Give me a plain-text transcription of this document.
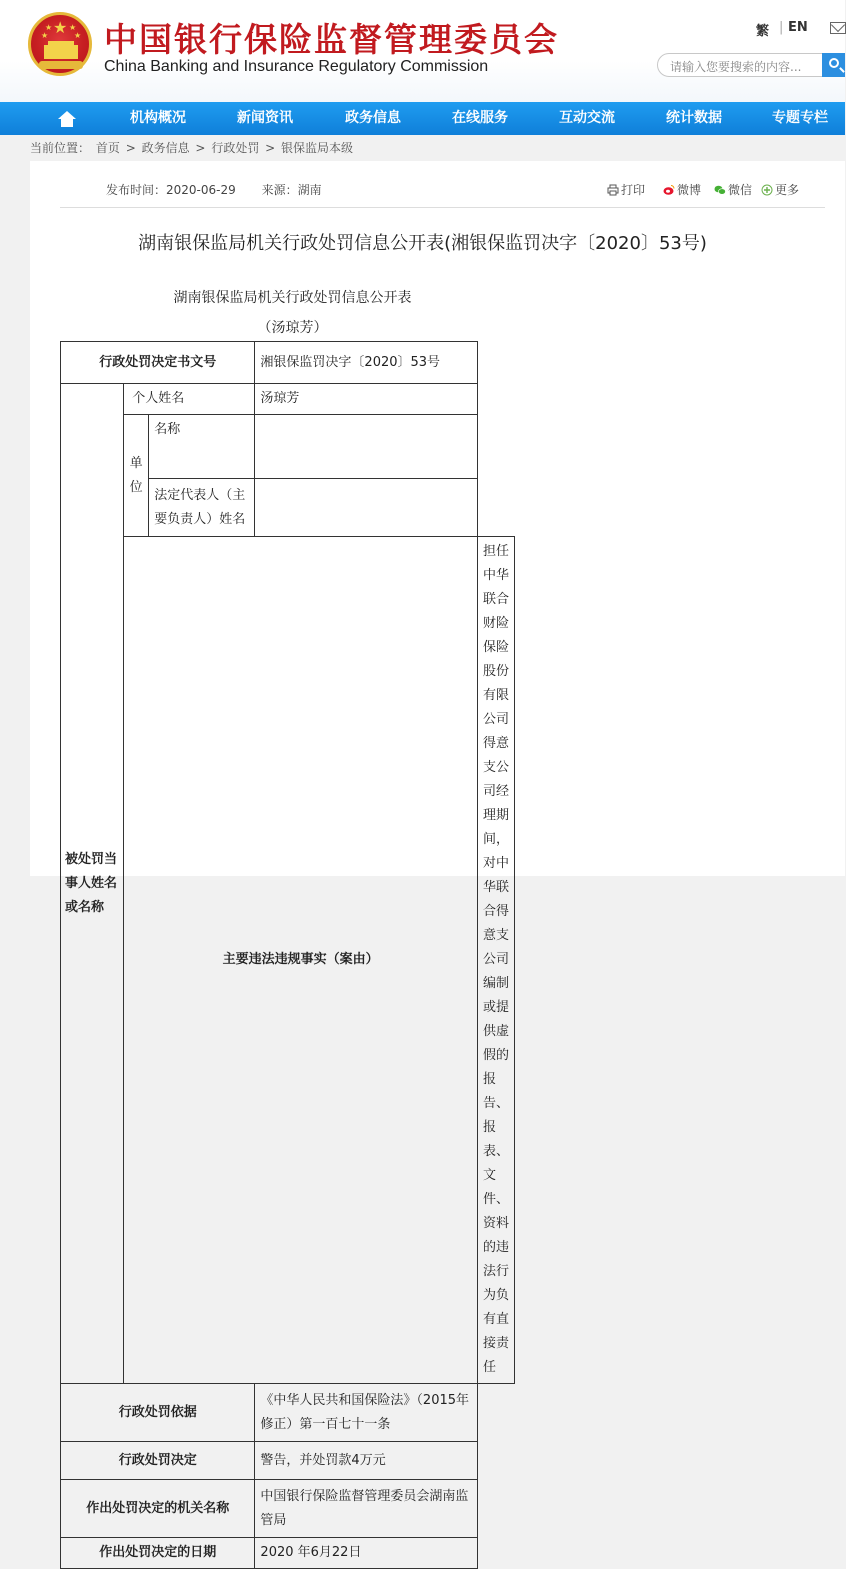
★
★
★ ★
★ 中国银行保险监督管理委员会
China Banking and Insurance Regulatory Commission
繁 | EN
请输入您要搜索的内容...
机构概况	新闻资讯	政务信息	在线服务	互动交流	统计数据	专题专栏
当前位置： 首页 > 政务信息 > 行政处罚 > 银保监局本级
发布时间：2020-06-29 来源：湖南	打印	微博	微信	更多
湖南银保监局机关行政处罚信息公开表(湘银保监罚决字〔2020〕53号)
湖南银保监局机关行政处罚信息公开表
（汤琼芳）
行政处罚决定书文号			湘银保监罚决字〔2020〕53号	
被处罚当事人姓名或名称	个人姓名		汤琼芳	
	单位	名称		
		法定代表人（主要负责人）姓名		
	主要违法违规事实（案由）			担任中华联合财险保险股份有限公司得意支公司经理期间，对中华联合得意支公司编制或提供虚假的报告、报表、文件、资料的违法行为负有直接责任
行政处罚依据			《中华人民共和国保险法》（2015年修正）第一百七十一条	
行政处罚决定			警告，并处罚款4万元	
作出处罚决定的机关名称			中国银行保险监督管理委员会湖南监管局	
作出处罚决定的日期			2020 年6月22日	
